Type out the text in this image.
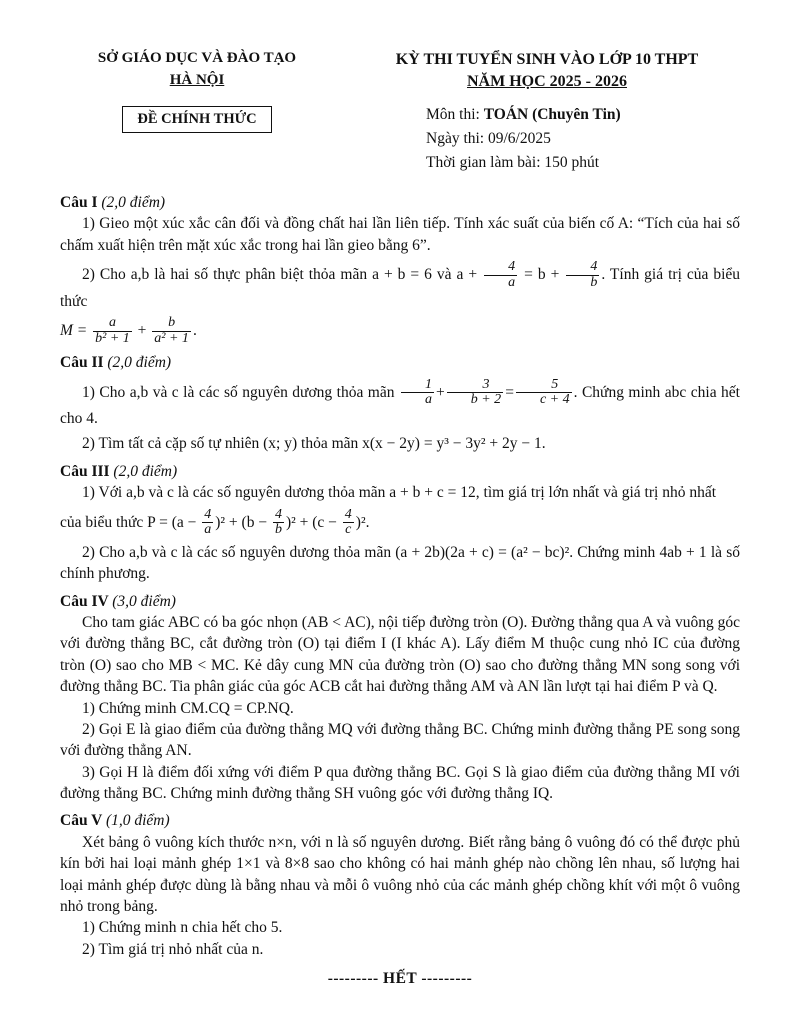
SỞ GIÁO DỤC VÀ ĐÀO TẠO
HÀ NỘI
ĐỀ CHÍNH THỨC
KỲ THI TUYỂN SINH VÀO LỚP 10 THPT
NĂM HỌC 2025 - 2026
Môn thi: TOÁN (Chuyên Tin)
Ngày thi: 09/6/2025
Thời gian làm bài: 150 phút
Câu I (2,0 điểm)

1) Gieo một xúc xắc cân đối và đồng chất hai lần liên tiếp. Tính xác suất của biến cố A: “Tích của hai số chấm xuất hiện trên mặt xúc xắc trong hai lần gieo bằng 6”.

2) Cho a,b là hai số thực phân biệt thỏa mãn a + b = 6 và $a + \frac{4}{a} = b + \frac{4}{b}$ . Tính giá trị của biểu thức

$M = \frac{a}{\text{b² + 1}} + \frac{b}{\text{a² + 1}}$ .

Câu II (2,0 điểm)

1) Cho a,b và c là các số nguyên dương thỏa mãn $\frac{1}{a} + \frac{3}{b + 2} = \frac{5}{c + 4}$ . Chứng minh abc chia hết cho 4.

2) Tìm tất cả cặp số tự nhiên (x; y) thỏa mãn x(x − 2y) = y³ − 3y² + 2y − 1.

Câu III (2,0 điểm)

1) Với a,b và c là các số nguyên dương thỏa mãn a + b + c = 12, tìm giá trị lớn nhất và giá trị nhỏ nhất

của biểu thức $P = (a - \frac{4}{a} )^2 + (b - \frac{4}{b} )^2 + (c - \frac{4}{c} )^2$.

2) Cho a,b và c là các số nguyên dương thỏa mãn (a + 2b)(2a + c) = (a² − bc)². Chứng minh 4ab + 1 là số chính phương.

Câu IV (3,0 điểm)

Cho tam giác ABC có ba góc nhọn (AB < AC), nội tiếp đường tròn (O). Đường thẳng qua A và vuông góc với đường thẳng BC, cắt đường tròn (O) tại điểm I (I khác A). Lấy điểm M thuộc cung nhỏ IC của đường tròn (O) sao cho MB < MC. Kẻ dây cung MN của đường tròn (O) sao cho đường thẳng MN song song với đường thẳng BC. Tia phân giác của góc ACB cắt hai đường thẳng AM và AN lần lượt tại hai điểm P và Q.

1) Chứng minh CM.CQ = CP.NQ.

2) Gọi E là giao điểm của đường thẳng MQ với đường thẳng BC. Chứng minh đường thẳng PE song song với đường thẳng AN.

3) Gọi H là điểm đối xứng với điểm P qua đường thẳng BC. Gọi S là giao điểm của đường thẳng MI với đường thẳng BC. Chứng minh đường thẳng SH vuông góc với đường thẳng IQ.

Câu V (1,0 điểm)

Xét bảng ô vuông kích thước n×n, với n là số nguyên dương. Biết rằng bảng ô vuông đó có thể được phủ kín bởi hai loại mảnh ghép 1×1 và 8×8 sao cho không có hai mảnh ghép nào chồng lên nhau, số lượng hai loại mảnh ghép được dùng là bằng nhau và mỗi ô vuông nhỏ của các mảnh ghép chồng khít với một ô vuông nhỏ trong bảng.

1) Chứng minh n chia hết cho 5.

2) Tìm giá trị nhỏ nhất của n.

--------- HẾT ---------
